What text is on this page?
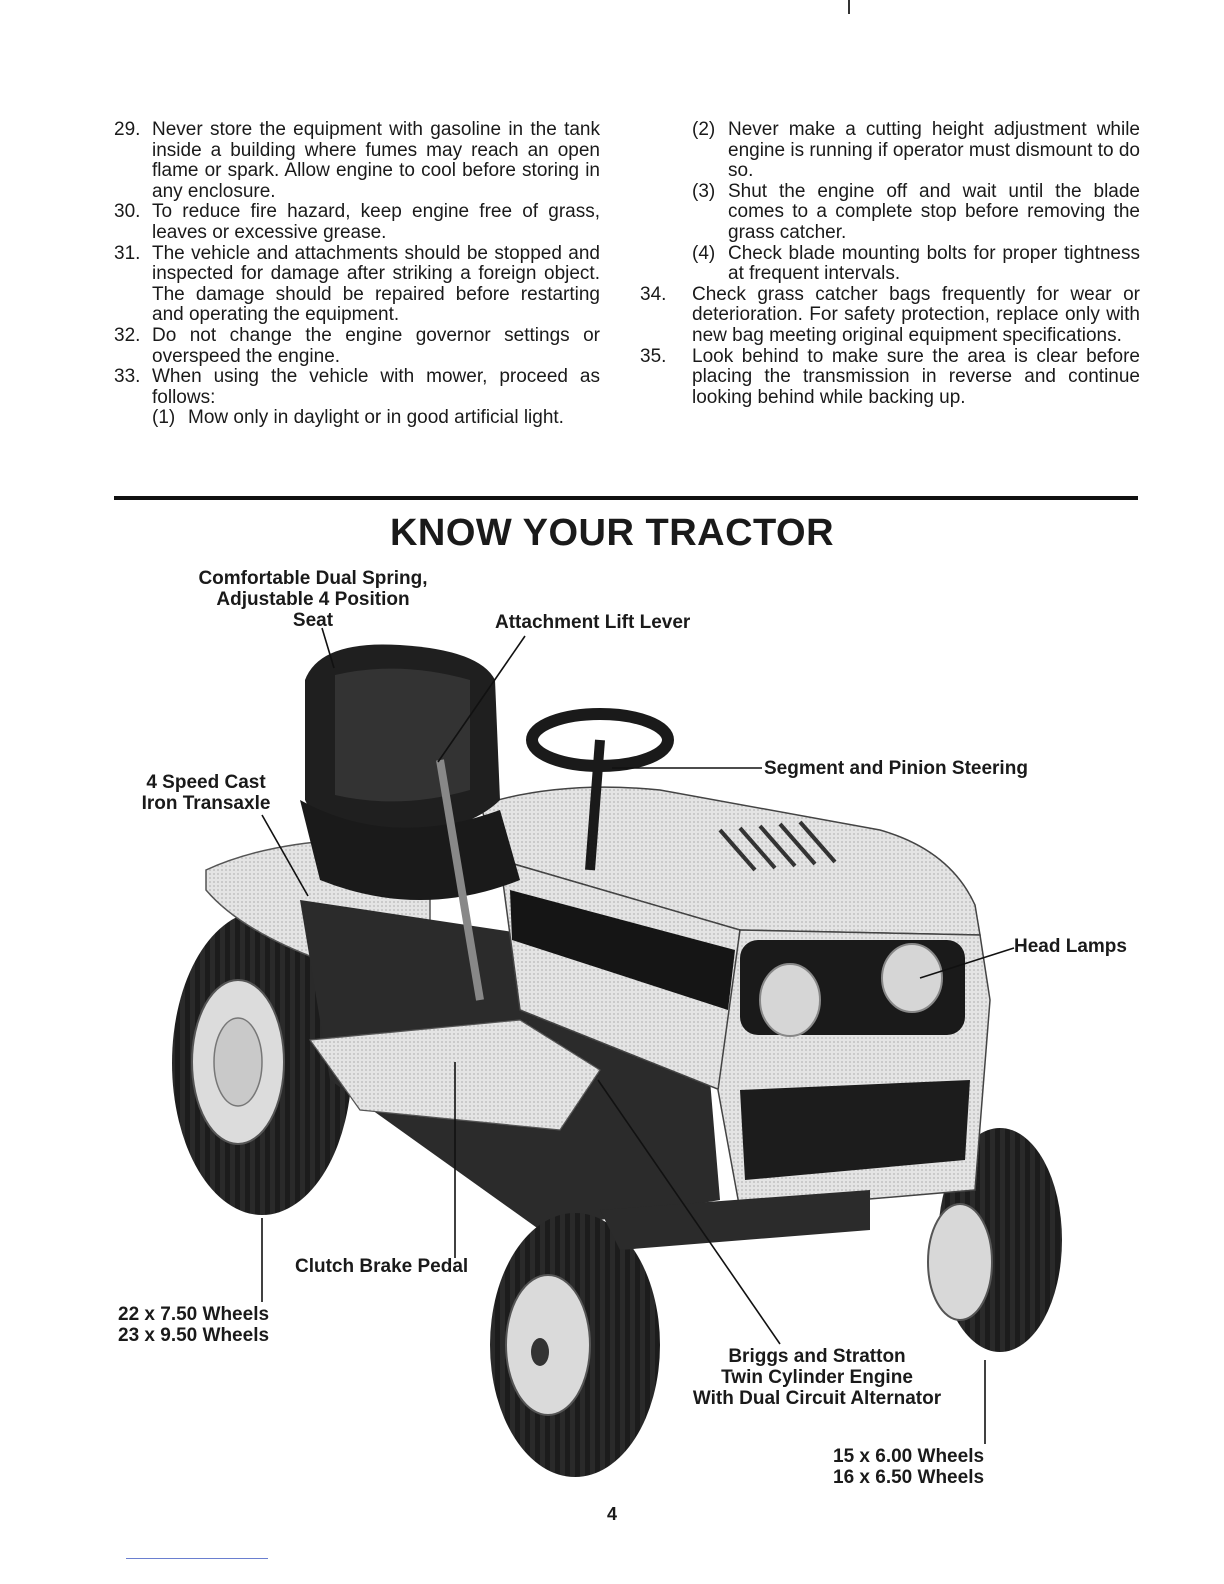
29. Never store the equipment with gasoline in the tank inside a building where fumes may reach an open flame or spark. Allow engine to cool before storing in any enclosure.
30. To reduce fire hazard, keep engine free of grass, leaves or excessive grease.
31. The vehicle and attachments should be stopped and inspected for damage after striking a foreign object. The damage should be repaired before restarting and operating the equipment.
32. Do not change the engine governor settings or overspeed the engine.
33. When using the vehicle with mower, proceed as follows:
(1) Mow only in daylight or in good artificial light.
(2) Never make a cutting height adjustment while engine is running if operator must dismount to do so.
(3) Shut the engine off and wait until the blade comes to a complete stop before removing the grass catcher.
(4) Check blade mounting bolts for proper tightness at frequent intervals.
34.	Check grass catcher bags frequently for wear or deterioration. For safety protection, replace only with new bag meeting original equipment specifications.
35.	Look behind to make sure the area is clear before placing the transmission in reverse and continue looking behind while backing up.
KNOW YOUR TRACTOR
Comfortable Dual Spring,
Adjustable 4 Position
Seat	Attachment Lift Lever
Segment and Pinion Steering
4 Speed Cast
Iron Transaxle
Head Lamps
Clutch Brake Pedal
22 x 7.50 Wheels
23 x 9.50 Wheels
Briggs and Stratton
Twin Cylinder Engine
With Dual Circuit Alternator
15 x 6.00 Wheels
16 x 6.50 Wheels
4
